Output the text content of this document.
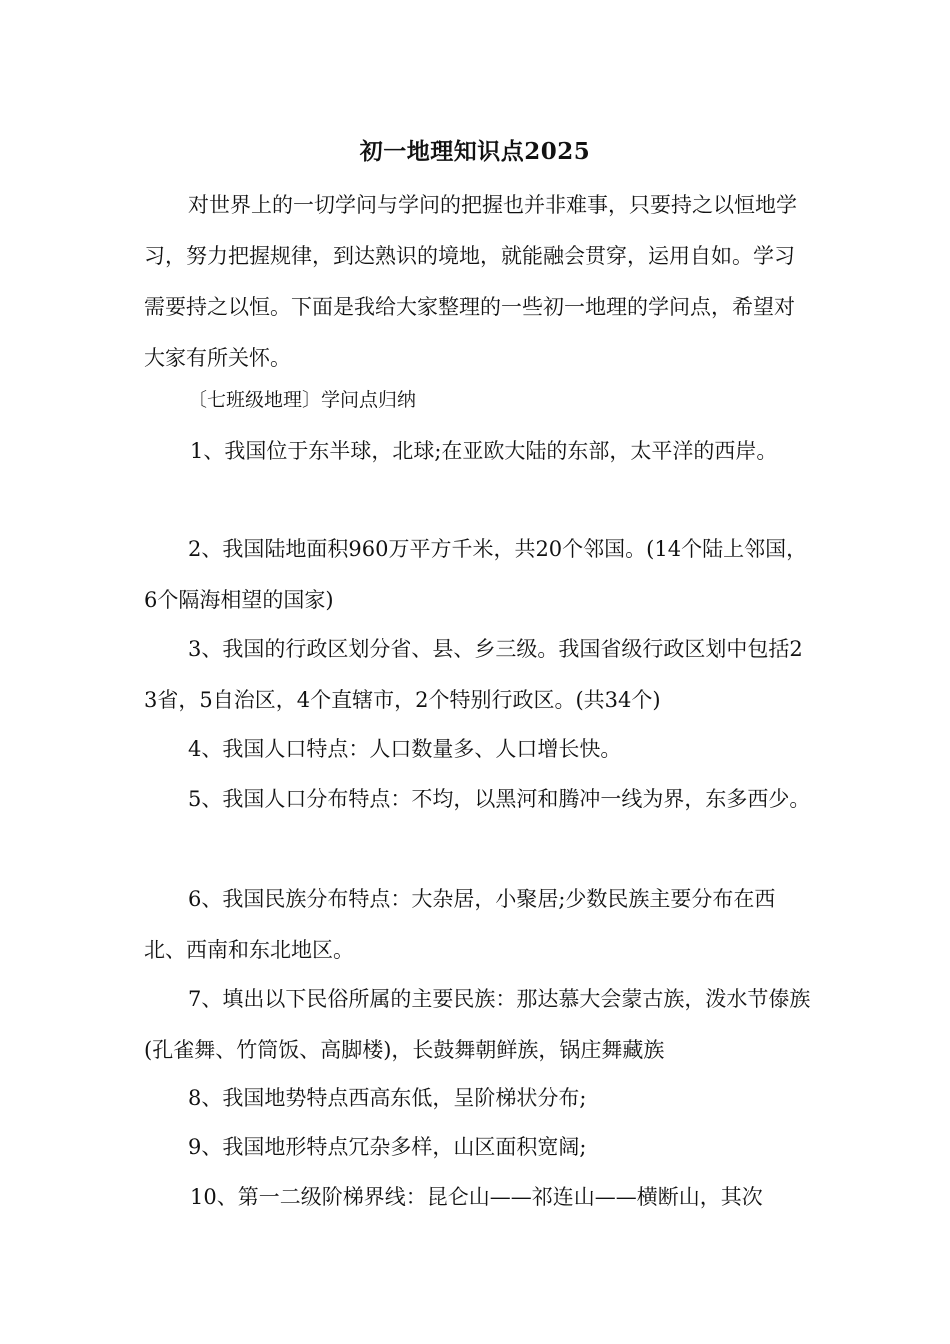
初一地理知识点2025
对世界上的一切学问与学问的把握也并非难事，只要持之以恒地学习，努力把握规律，到达熟识的境地，就能融会贯穿，运用自如。学习需要持之以恒。下面是我给大家整理的一些初一地理的学问点，希望对大家有所关怀。
〔七班级地理〕学问点归纳
1、我国位于东半球，北球;在亚欧大陆的东部，太平洋的西岸。
2、我国陆地面积960万平方千米，共20个邻国。(14个陆上邻国，6个隔海相望的国家)
3、我国的行政区划分省、县、乡三级。我国省级行政区划中包括23省，5自治区，4个直辖市，2个特别行政区。(共34个)
4、我国人口特点：人口数量多、人口增长快。
5、我国人口分布特点：不均，以黑河和腾冲一线为界，东多西少。
6、我国民族分布特点：大杂居，小聚居;少数民族主要分布在西北、西南和东北地区。
7、填出以下民俗所属的主要民族：那达慕大会蒙古族，泼水节傣族(孔雀舞、竹筒饭、高脚楼)，长鼓舞朝鲜族，锅庄舞藏族
8、我国地势特点西高东低，呈阶梯状分布;
9、我国地形特点冗杂多样，山区面积宽阔;
10、第一二级阶梯界线：昆仑山——祁连山——横断山，其次
